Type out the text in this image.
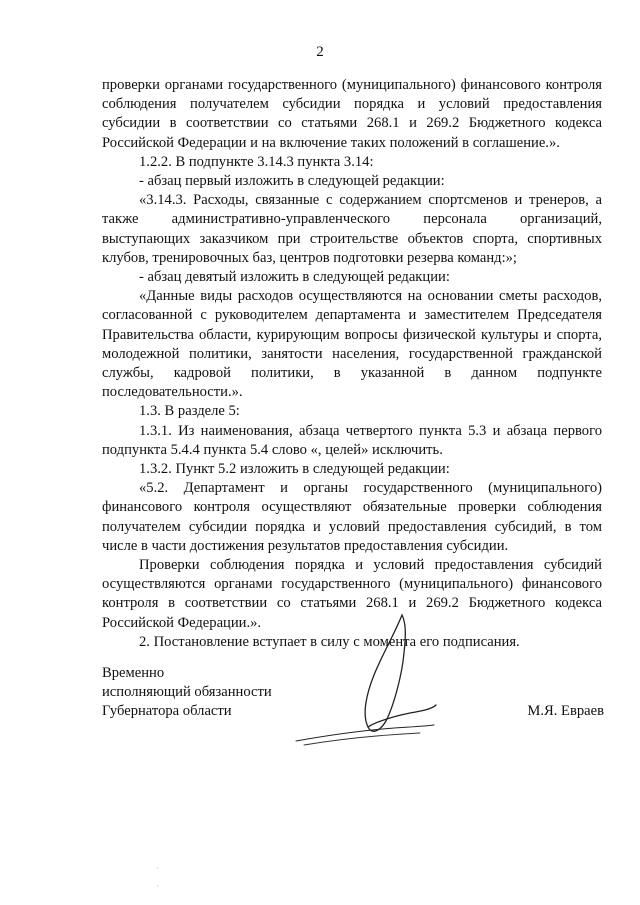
2

проверки органами государственного (муниципального) финансового контроля соблюдения получателем субсидии порядка и условий предоставления субсидии в соответствии со статьями 268.1 и 269.2 Бюджетного кодекса Российской Федерации и на включение таких положений в соглашение.».

1.2.2. В подпункте 3.14.3 пункта 3.14:

- абзац первый изложить в следующей редакции:

«3.14.3. Расходы, связанные с содержанием спортсменов и тренеров, а также административно-управленческого персонала организаций, выступающих заказчиком при строительстве объектов спорта, спортивных клубов, тренировочных баз, центров подготовки резерва команд:»;

- абзац девятый изложить в следующей редакции:

«Данные виды расходов осуществляются на основании сметы расходов, согласованной с руководителем департамента и заместителем Председателя Правительства области, курирующим вопросы физической культуры и спорта, молодежной политики, занятости населения, государственной гражданской службы, кадровой политики, в указанной в данном подпункте последовательности.».

1.3. В разделе 5:

1.3.1. Из наименования, абзаца четвертого пункта 5.3 и абзаца первого подпункта 5.4.4 пункта 5.4 слово «, целей» исключить.

1.3.2. Пункт 5.2 изложить в следующей редакции:

«5.2. Департамент и органы государственного (муниципального) финансового контроля осуществляют обязательные проверки соблюдения получателем субсидии порядка и условий предоставления субсидий, в том числе в части достижения результатов предоставления субсидии.

Проверки соблюдения порядка и условий предоставления субсидий осуществляются органами государственного (муниципального) финансового контроля в соответствии со статьями 268.1 и 269.2 Бюджетного кодекса Российской Федерации.».

2. Постановление вступает в силу с момента его подписания.

Временно
исполняющий обязанности
Губернатора области	М.Я. Евраев
·
·
